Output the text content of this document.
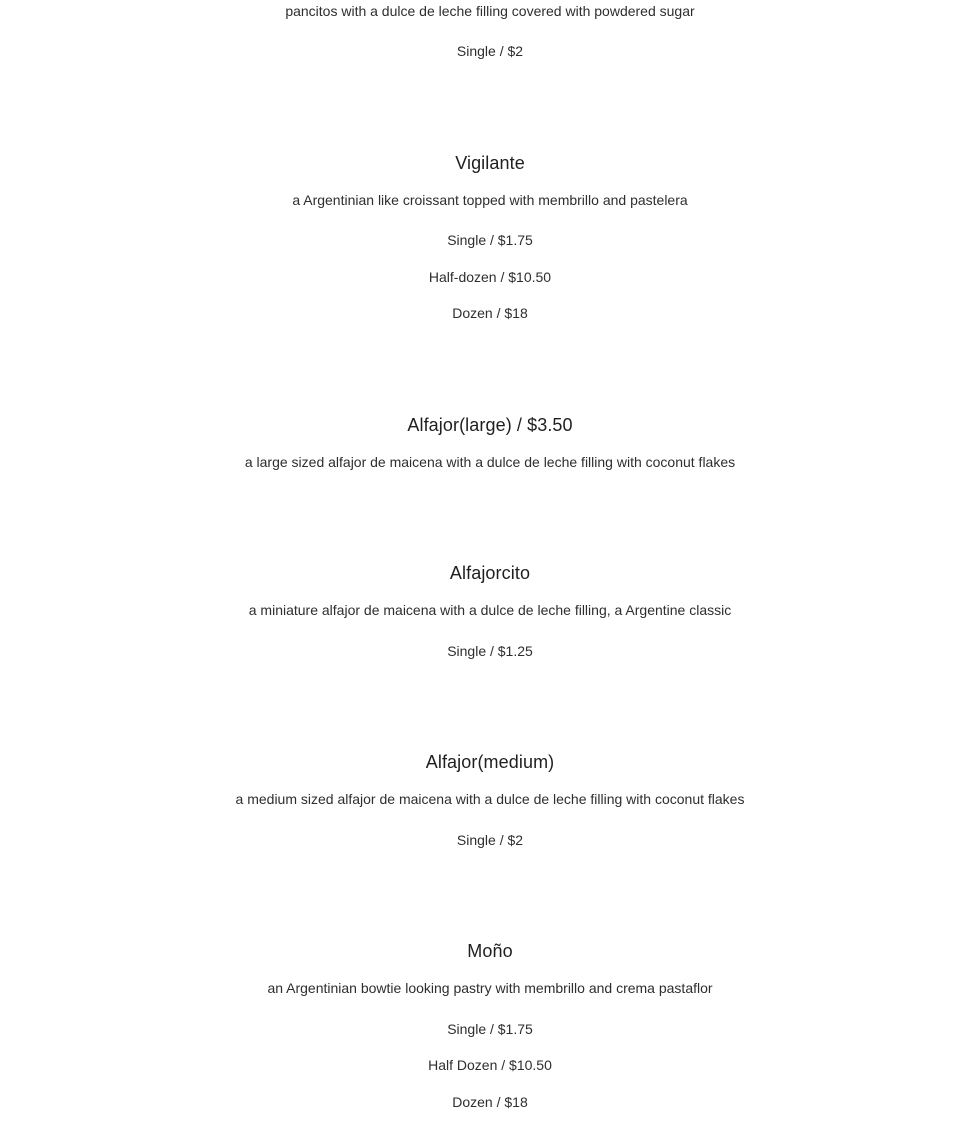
pancitos with a dulce de leche filling covered with powdered sugar
Single / $2
Vigilante
a Argentinian like croissant topped with membrillo and pastelera
Single / $1.75
Half-dozen / $10.50
Dozen / $18
Alfajor(large) / $3.50
a large sized alfajor de maicena with a dulce de leche filling with coconut flakes
Alfajorcito
a miniature alfajor de maicena with a dulce de leche filling, a Argentine classic
Single / $1.25
Alfajor(medium)
a medium sized alfajor de maicena with a dulce de leche filling with coconut flakes
Single / $2
Moño
an Argentinian bowtie looking pastry with membrillo and crema pastaflor
Single / $1.75
Half Dozen / $10.50
Dozen / $18
